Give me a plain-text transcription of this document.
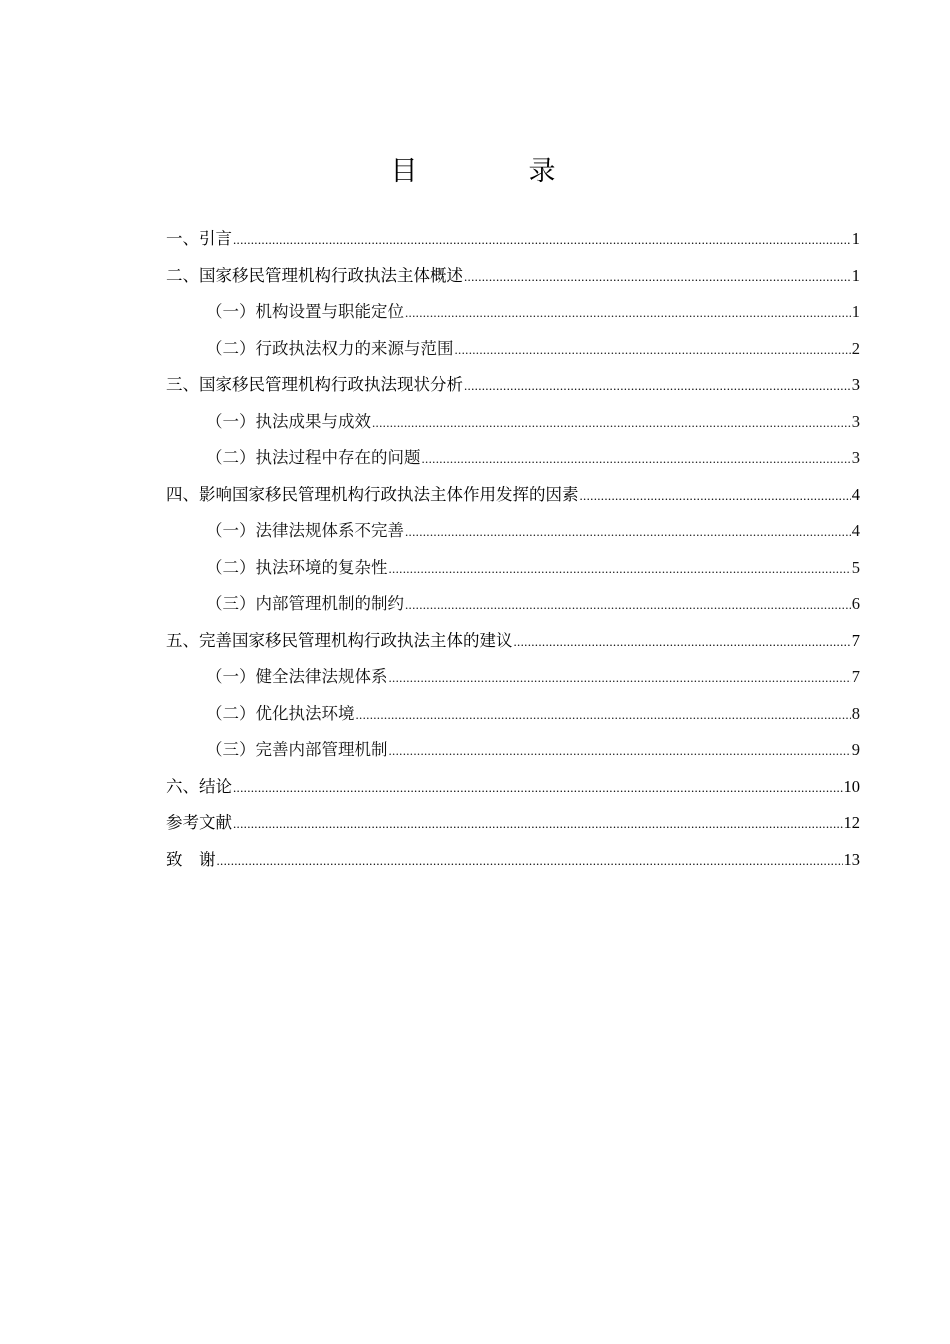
目　录
一、引言 .....	1
二、国家移民管理机构行政执法主体概述 .....	1
（一）机构设置与职能定位 .....	1
（二）行政执法权力的来源与范围 .....	2
三、国家移民管理机构行政执法现状分析 .....	3
（一）执法成果与成效 .....	3
（二）执法过程中存在的问题 .....	3
四、影响国家移民管理机构行政执法主体作用发挥的因素 .....	4
（一）法律法规体系不完善 .....	4
（二）执法环境的复杂性 .....	5
（三）内部管理机制的制约 .....	6
五、完善国家移民管理机构行政执法主体的建议 .....	7
（一）健全法律法规体系 .....	7
（二）优化执法环境 .....	8
（三）完善内部管理机制 .....	9
六、结论 .....	10
参考文献 .....	12
致　谢 .....	13
